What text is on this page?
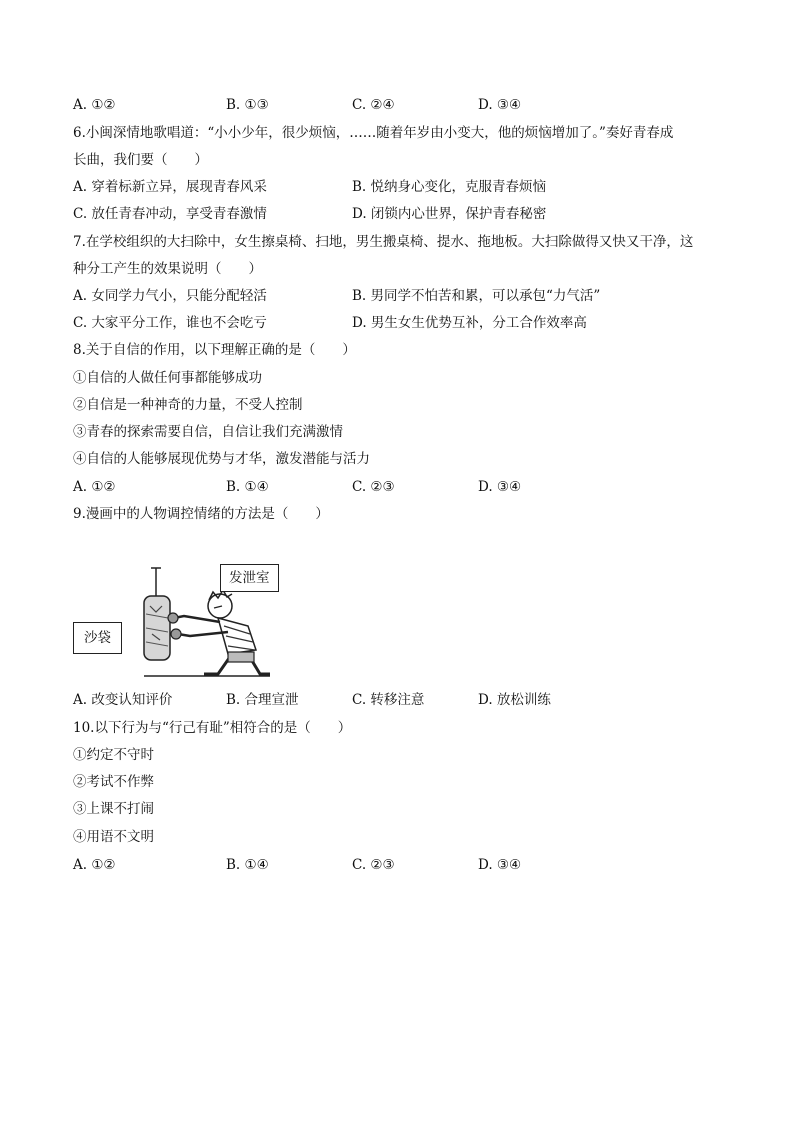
A. ①②	B. ①③	C. ②④	D. ③④
6.小闽深情地歌唱道：“小小少年，很少烦恼，……随着年岁由小变大，他的烦恼增加了。”奏好青春成
长曲，我们要（　　）
A. 穿着标新立异，展现青春风采	B. 悦纳身心变化，克服青春烦恼
C. 放任青春冲动，享受青春激情	D. 闭锁内心世界，保护青春秘密
7.在学校组织的大扫除中，女生擦桌椅、扫地，男生搬桌椅、提水、拖地板。大扫除做得又快又干净，这
种分工产生的效果说明（　　）
A. 女同学力气小，只能分配轻活	B. 男同学不怕苦和累，可以承包“力气活”
C. 大家平分工作，谁也不会吃亏	D. 男生女生优势互补，分工合作效率高
8.关于自信的作用，以下理解正确的是（　　）
①自信的人做任何事都能够成功
②自信是一种神奇的力量，不受人控制
③青春的探索需要自信，自信让我们充满激情
④自信的人能够展现优势与才华，激发潜能与活力
A. ①②	B. ①④	C. ②③	D. ③④
9.漫画中的人物调控情绪的方法是（　　）
发泄室
沙袋
A. 改变认知评价	B. 合理宣泄	C. 转移注意	D. 放松训练
10.以下行为与“行己有耻”相符合的是（　　）
①约定不守时
②考试不作弊
③上课不打闹
④用语不文明
A. ①②	B. ①④	C. ②③	D. ③④
